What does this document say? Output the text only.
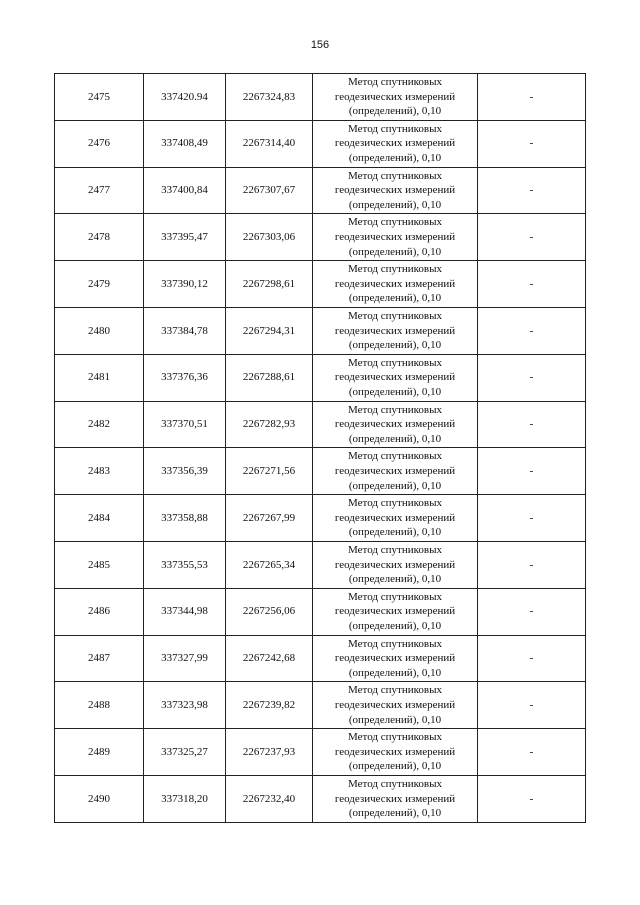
156
2475	337420.94	2267324,83	Метод спутниковых
геодезических измерений
(определений), 0,10	-
2476	337408,49	2267314,40	Метод спутниковых
геодезических измерений
(определений), 0,10	-
2477	337400,84	2267307,67	Метод спутниковых
геодезических измерений
(определений), 0,10	-
2478	337395,47	2267303,06	Метод спутниковых
геодезических измерений
(определений), 0,10	-
2479	337390,12	2267298,61	Метод спутниковых
геодезических измерений
(определений), 0,10	-
2480	337384,78	2267294,31	Метод спутниковых
геодезических измерений
(определений), 0,10	-
2481	337376,36	2267288,61	Метод спутниковых
геодезических измерений
(определений), 0,10	-
2482	337370,51	2267282,93	Метод спутниковых
геодезических измерений
(определений), 0,10	-
2483	337356,39	2267271,56	Метод спутниковых
геодезических измерений
(определений), 0,10	-
2484	337358,88	2267267,99	Метод спутниковых
геодезических измерений
(определений), 0,10	-
2485	337355,53	2267265,34	Метод спутниковых
геодезических измерений
(определений), 0,10	-
2486	337344,98	2267256,06	Метод спутниковых
геодезических измерений
(определений), 0,10	-
2487	337327,99	2267242,68	Метод спутниковых
геодезических измерений
(определений), 0,10	-
2488	337323,98	2267239,82	Метод спутниковых
геодезических измерений
(определений), 0,10	-
2489	337325,27	2267237,93	Метод спутниковых
геодезических измерений
(определений), 0,10	-
2490	337318,20	2267232,40	Метод спутниковых
геодезических измерений
(определений), 0,10	-
